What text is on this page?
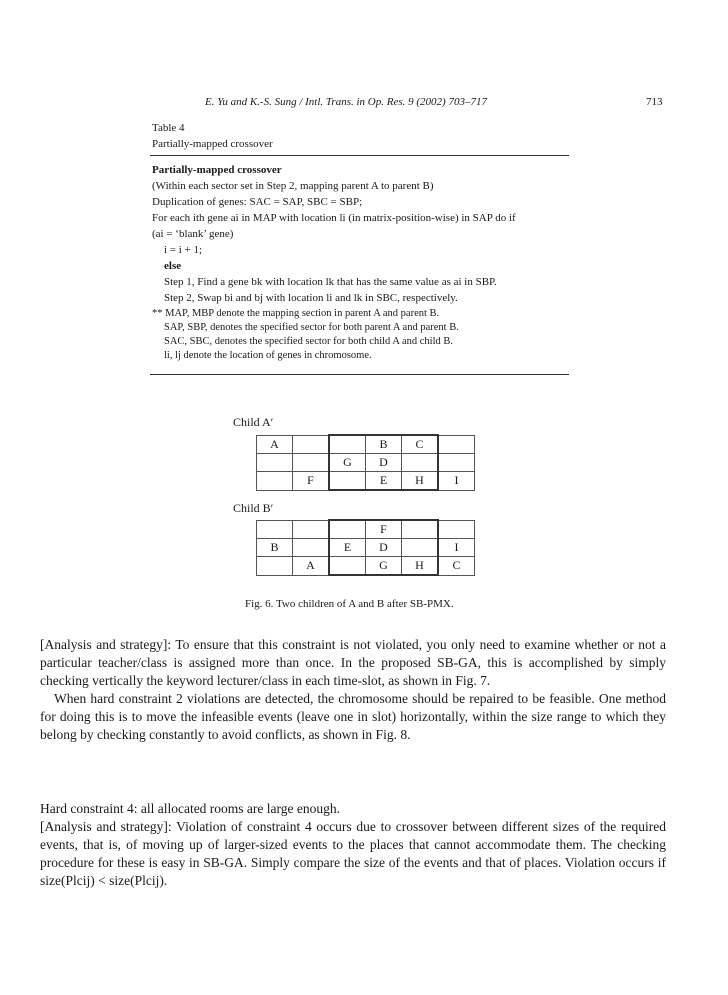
E. Yu and K.-S. Sung / Intl. Trans. in Op. Res. 9 (2002) 703–717	713
Table 4
Partially-mapped crossover
Partially-mapped crossover
(Within each sector set in Step 2, mapping parent A to parent B)
Duplication of genes: SAC = SAP, SBC = SBP;
For each ith gene ai in MAP with location li (in matrix-position-wise) in SAP do if
(ai = ‘blank’ gene)
i = i + 1;
else
Step 1, Find a gene bk with location lk that has the same value as ai in SBP.
Step 2, Swap bi and bj with location li and lk in SBC, respectively.
** MAP, MBP denote the mapping section in parent A and parent B.
SAP, SBP, denotes the specified sector for both parent A and parent B.
SAC, SBC, denotes the specified sector for both child A and child B.
li, lj denote the location of genes in chromosome.
Child A′
A			B	C	
		G	D		
	F		E	H	I
Child B′
			F		
B		E	D		I
	A		G	H	C
Fig. 6. Two children of A and B after SB-PMX.

[Analysis and strategy]: To ensure that this constraint is not violated, you only need to examine whether or not a particular teacher/class is assigned more than once. In the proposed SB-GA, this is accomplished by simply checking vertically the keyword lecturer/class in each time-slot, as shown in Fig. 7.

When hard constraint 2 violations are detected, the chromosome should be repaired to be feasible. One method for doing this is to move the infeasible events (leave one in slot) horizontally, within the size range to which they belong by checking constantly to avoid conflicts, as shown in Fig. 8.

Hard constraint 4: all allocated rooms are large enough.

[Analysis and strategy]: Violation of constraint 4 occurs due to crossover between different sizes of the required events, that is, of moving up of larger-sized events to the places that cannot accommodate them. The checking procedure for these is easy in SB-GA. Simply compare the size of the events and that of places. Violation occurs if size(Plcij) < size(Plcij).
